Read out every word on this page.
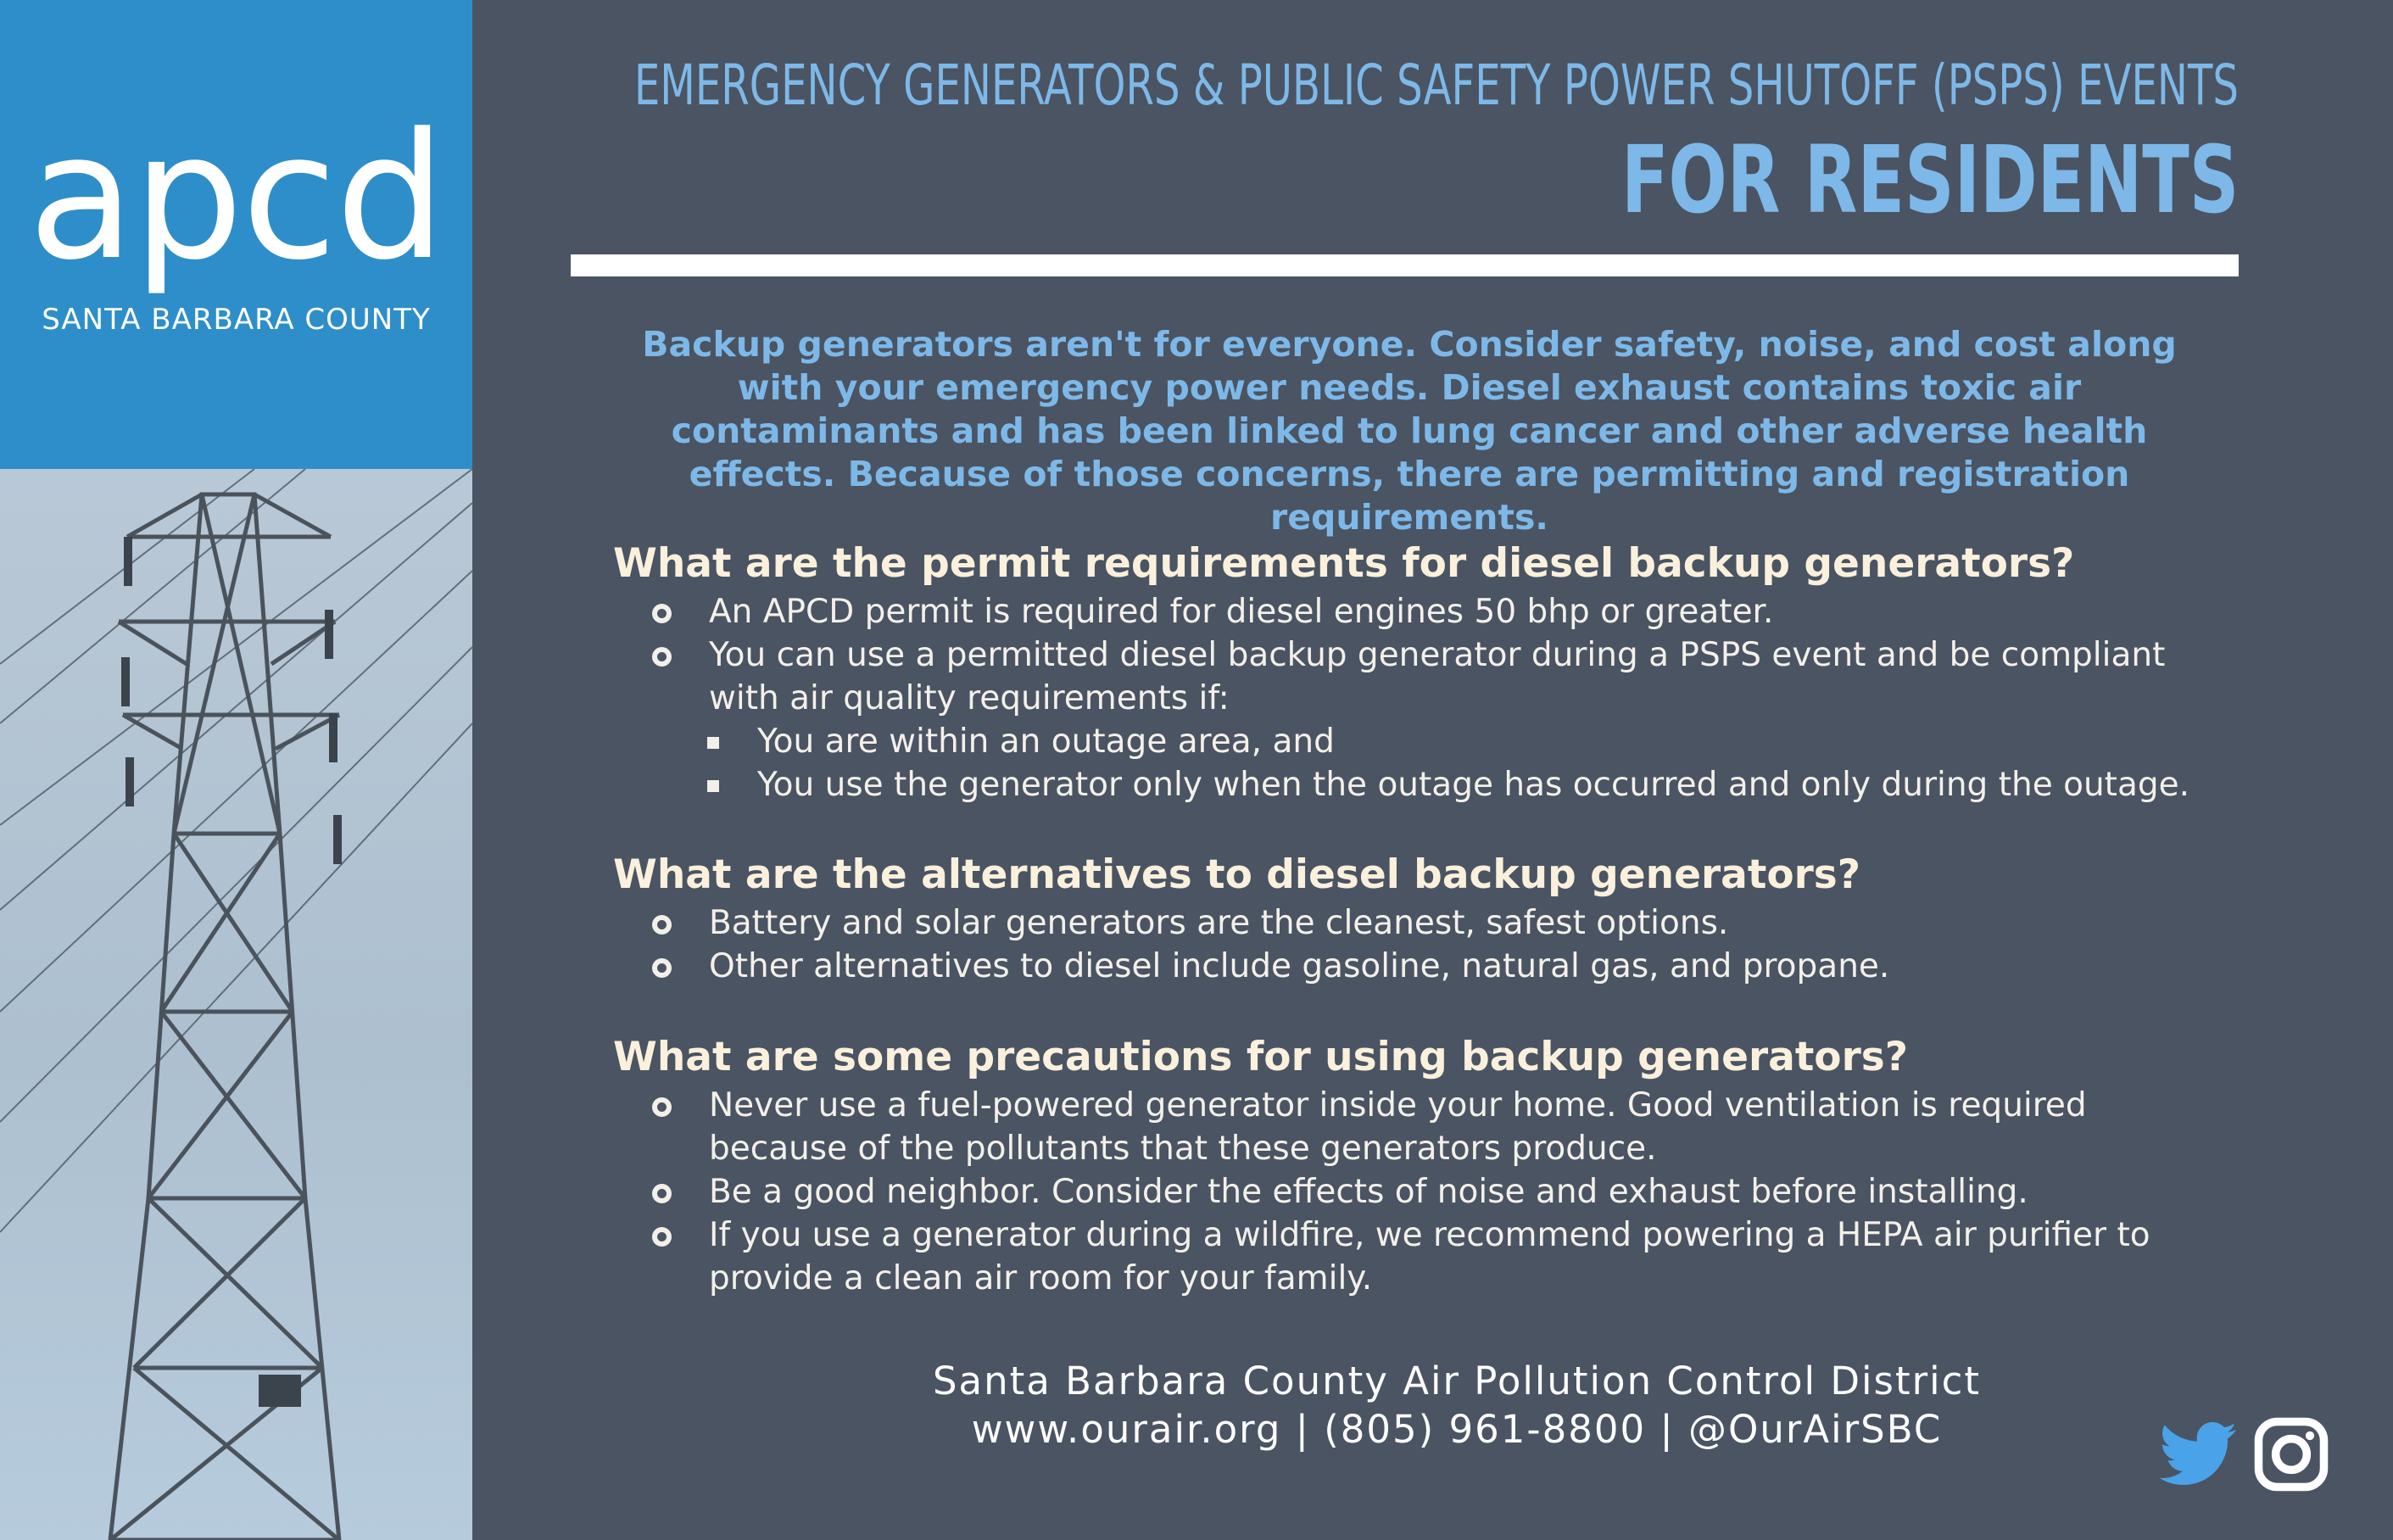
apcd
SANTA BARBARA COUNTY
EMERGENCY GENERATORS & PUBLIC SAFETY POWER SHUTOFF (PSPS) EVENTS
FOR RESIDENTS
Backup generators aren't for everyone. Consider safety, noise, and cost along with your emergency power needs. Diesel exhaust contains toxic air contaminants and has been linked to lung cancer and other adverse health effects. Because of those concerns, there are permitting and registration requirements.
What are the permit requirements for diesel backup generators?
An APCD permit is required for diesel engines 50 bhp or greater.
You can use a permitted diesel backup generator during a PSPS event and be compliant with air quality requirements if:
You are within an outage area, and
You use the generator only when the outage has occurred and only during the outage.
What are the alternatives to diesel backup generators?
Battery and solar generators are the cleanest, safest options.
Other alternatives to diesel include gasoline, natural gas, and propane.
What are some precautions for using backup generators?
Never use a fuel-powered generator inside your home. Good ventilation is required because of the pollutants that these generators produce.
Be a good neighbor. Consider the effects of noise and exhaust before installing.
If you use a generator during a wildfire, we recommend powering a HEPA air purifier to provide a clean air room for your family.
Santa Barbara County Air Pollution Control District
www.ourair.org | (805) 961-8800 | @OurAirSBC
